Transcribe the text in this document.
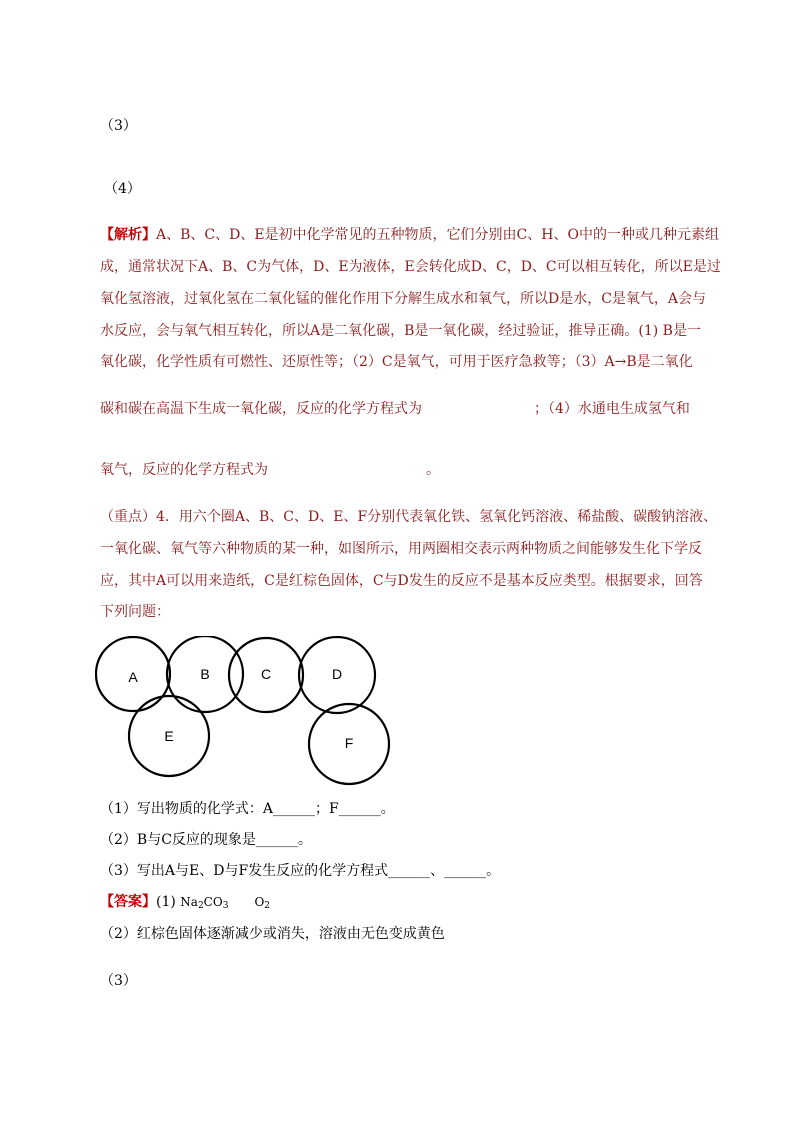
（3）
（4）
【解析】A、B、C、D、E是初中化学常见的五种物质，它们分别由C、H、O中的一种或几种元素组
成，通常状况下A、B、C为气体，D、E为液体，E会转化成D、C，D、C可以相互转化，所以E是过
氧化氢溶液，过氧化氢在二氧化锰的催化作用下分解生成水和氧气，所以D是水，C是氧气，A会与
水反应，会与氧气相互转化，所以A是二氧化碳，B是一氧化碳，经过验证，推导正确。(1) B是一
氧化碳，化学性质有可燃性、还原性等；（2）C是氧气，可用于医疗急救等；（3）A→B是二氧化
碳和碳在高温下生成一氧化碳，反应的化学方程式为	；（4）水通电生成氢气和
氧气，反应的化学方程式为	。
（重点）4．用六个圈A、B、C、D、E、F分别代表氧化铁、氢氧化钙溶液、稀盐酸、碳酸钠溶液、
一氧化碳、氧气等六种物质的某一种，如图所示，用两圈相交表示两种物质之间能够发生化下学反
应，其中A可以用来造纸，C是红棕色固体，C与D发生的反应不是基本反应类型。根据要求，回答
下列问题：
A	B	C	D
E	F
（1）写出物质的化学式：A______；F______。
（2）B与C反应的现象是______。
（3）写出A与E、D与F发生反应的化学方程式______、______。
【答案】(1) $Na_2CO_3$ $O_2$
（2）红棕色固体逐渐减少或消失，溶液由无色变成黄色
（3）
